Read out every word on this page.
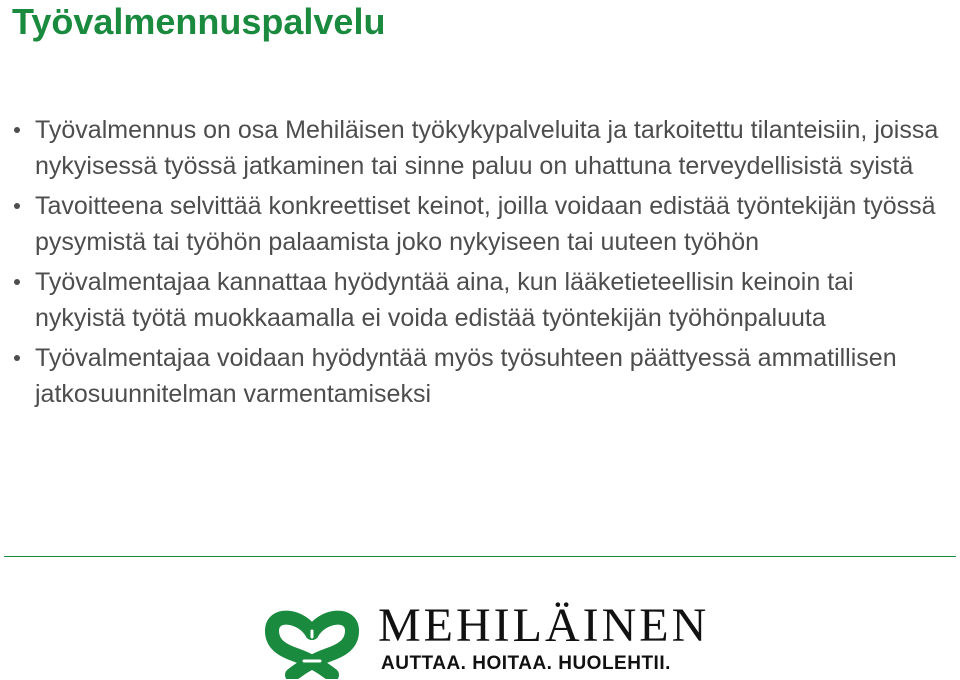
Työvalmennuspalvelu
Työvalmennus on osa Mehiläisen työkykypalveluita ja tarkoitettu tilanteisiin, joissa nykyisessä työssä jatkaminen tai sinne paluu on uhattuna terveydellisistä syistä
Tavoitteena selvittää konkreettiset keinot, joilla voidaan edistää työntekijän työssä pysymistä tai työhön palaamista joko nykyiseen tai uuteen työhön
Työvalmentajaa kannattaa hyödyntää aina, kun lääketieteellisin keinoin tai nykyistä työtä muokkaamalla ei voida edistää työntekijän työhönpaluuta
Työvalmentajaa voidaan hyödyntää myös työsuhteen päättyessä ammatillisen jatkosuunnitelman varmentamiseksi
MEHILÄINEN
AUTTAA. HOITAA. HUOLEHTII.
